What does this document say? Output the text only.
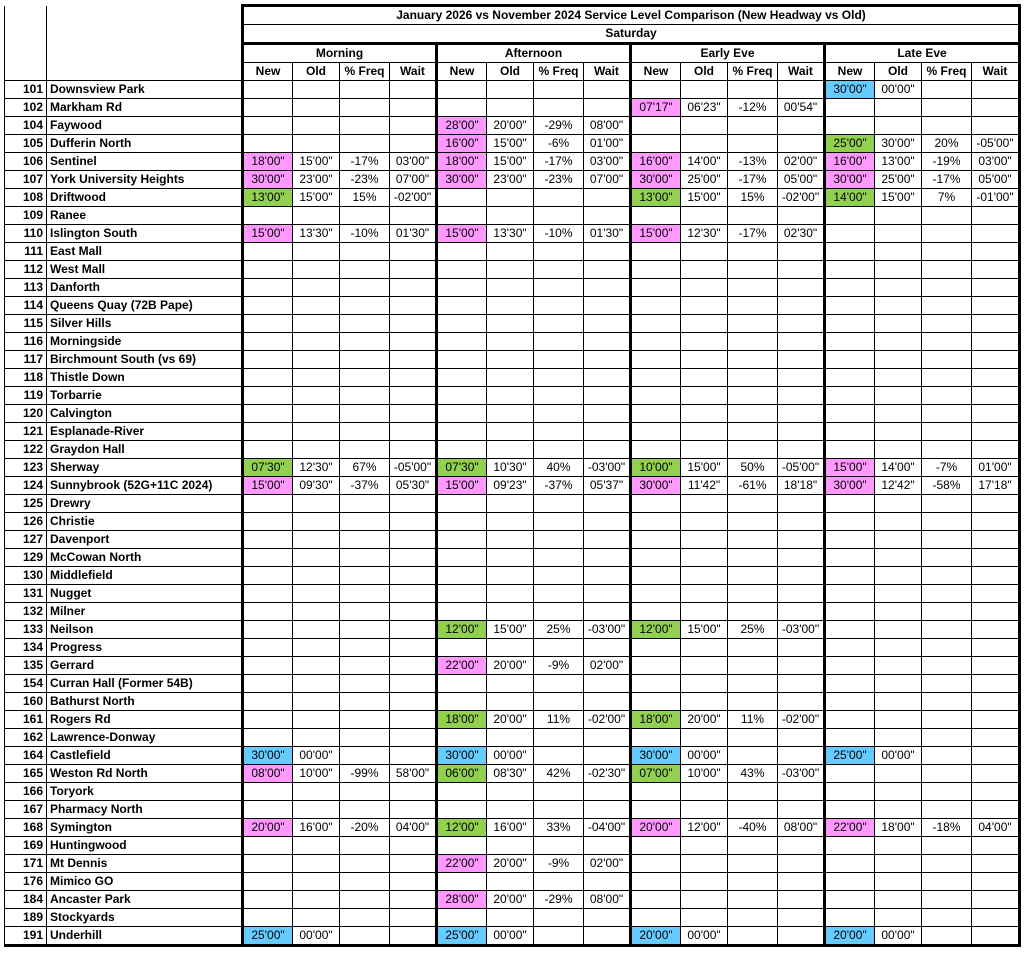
		January 2026 vs November 2024 Service Level Comparison (New Headway vs Old)															
		Saturday															
		Morning				Afternoon				Early Eve				Late Eve			
		New	Old	% Freq	Wait	New	Old	% Freq	Wait	New	Old	% Freq	Wait	New	Old	% Freq	Wait
101	Downsview Park													30'00"	00'00"		
102	Markham Rd									07'17"	06'23"	-12%	00'54"				
104	Faywood					28'00"	20'00"	-29%	08'00"								
105	Dufferin North					16'00"	15'00"	-6%	01'00"					25'00"	30'00"	20%	-05'00"
106	Sentinel	18'00"	15'00"	-17%	03'00"	18'00"	15'00"	-17%	03'00"	16'00"	14'00"	-13%	02'00"	16'00"	13'00"	-19%	03'00"
107	York University Heights	30'00"	23'00"	-23%	07'00"	30'00"	23'00"	-23%	07'00"	30'00"	25'00"	-17%	05'00"	30'00"	25'00"	-17%	05'00"
108	Driftwood	13'00"	15'00"	15%	-02'00"					13'00"	15'00"	15%	-02'00"	14'00"	15'00"	7%	-01'00"
109	Ranee																
110	Islington South	15'00"	13'30"	-10%	01'30"	15'00"	13'30"	-10%	01'30"	15'00"	12'30"	-17%	02'30"				
111	East Mall																
112	West Mall																
113	Danforth																
114	Queens Quay (72B Pape)																
115	Silver Hills																
116	Morningside																
117	Birchmount South (vs 69)																
118	Thistle Down																
119	Torbarrie																
120	Calvington																
121	Esplanade-River																
122	Graydon Hall																
123	Sherway	07'30"	12'30"	67%	-05'00"	07'30"	10'30"	40%	-03'00"	10'00"	15'00"	50%	-05'00"	15'00"	14'00"	-7%	01'00"
124	Sunnybrook (52G+11C 2024)	15'00"	09'30"	-37%	05'30"	15'00"	09'23"	-37%	05'37"	30'00"	11'42"	-61%	18'18"	30'00"	12'42"	-58%	17'18"
125	Drewry																
126	Christie																
127	Davenport																
129	McCowan North																
130	Middlefield																
131	Nugget																
132	Milner																
133	Neilson					12'00"	15'00"	25%	-03'00"	12'00"	15'00"	25%	-03'00"				
134	Progress																
135	Gerrard					22'00"	20'00"	-9%	02'00"								
154	Curran Hall (Former 54B)																
160	Bathurst North																
161	Rogers Rd					18'00"	20'00"	11%	-02'00"	18'00"	20'00"	11%	-02'00"				
162	Lawrence-Donway																
164	Castlefield	30'00"	00'00"			30'00"	00'00"			30'00"	00'00"			25'00"	00'00"		
165	Weston Rd North	08'00"	10'00"	-99%	58'00"	06'00"	08'30"	42%	-02'30"	07'00"	10'00"	43%	-03'00"				
166	Toryork																
167	Pharmacy North																
168	Symington	20'00"	16'00"	-20%	04'00"	12'00"	16'00"	33%	-04'00"	20'00"	12'00"	-40%	08'00"	22'00"	18'00"	-18%	04'00"
169	Huntingwood																
171	Mt Dennis					22'00"	20'00"	-9%	02'00"								
176	Mimico GO																
184	Ancaster Park					28'00"	20'00"	-29%	08'00"								
189	Stockyards																
191	Underhill	25'00"	00'00"			25'00"	00'00"			20'00"	00'00"			20'00"	00'00"		
